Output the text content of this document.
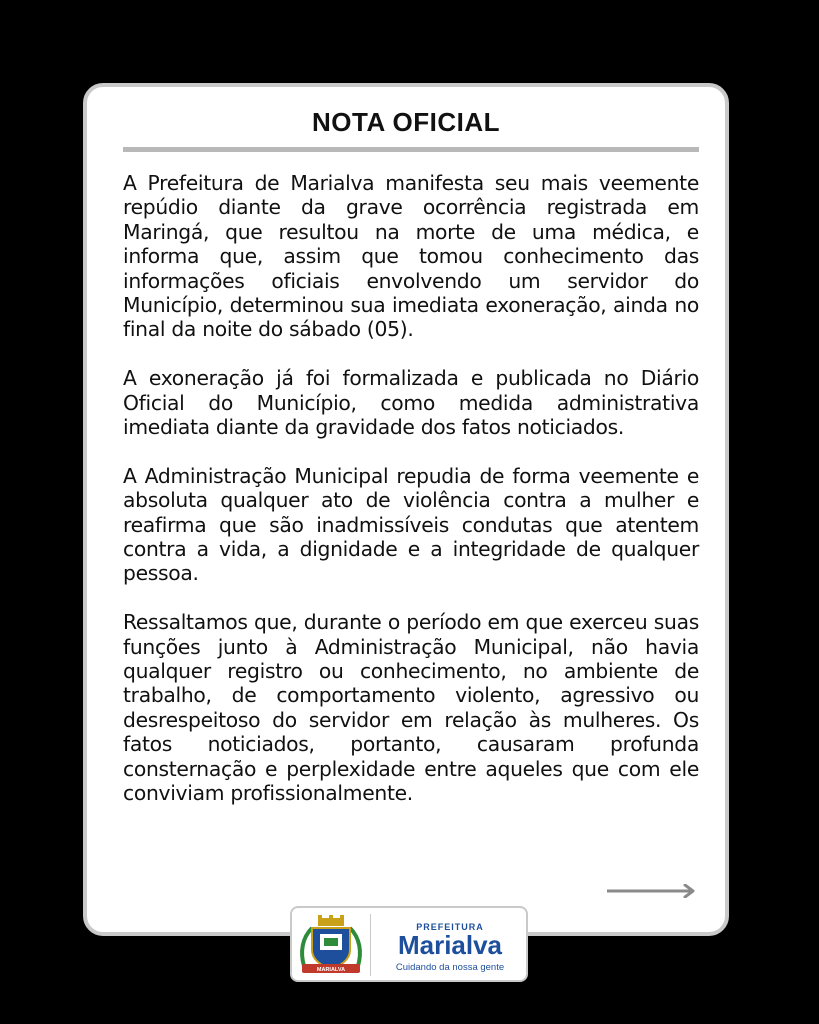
NOTA OFICIAL

A Prefeitura de Marialva manifesta seu mais veemente repúdio diante da grave ocorrência registrada em Maringá, que resultou na morte de uma médica, e informa que, assim que tomou conhecimento das informações oficiais envolvendo um servidor do Município, determinou sua imediata exoneração, ainda no final da noite do sábado (05).

A exoneração já foi formalizada e publicada no Diário Oficial do Município, como medida administrativa imediata diante da gravidade dos fatos noticiados.

A Administração Municipal repudia de forma veemente e absoluta qualquer ato de violência contra a mulher e reafirma que são inadmissíveis condutas que atentem contra a vida, a dignidade e a integridade de qualquer pessoa.

Ressaltamos que, durante o período em que exerceu suas funções junto à Administração Municipal, não havia qualquer registro ou conhecimento, no ambiente de trabalho, de comportamento violento, agressivo ou desrespeitoso do servidor em relação às mulheres. Os fatos noticiados, portanto, causaram profunda consternação e perplexidade entre aqueles que com ele conviviam profissionalmente.

MARIALVA
PREFEITURA
Marialva
Cuidando da nossa gente
